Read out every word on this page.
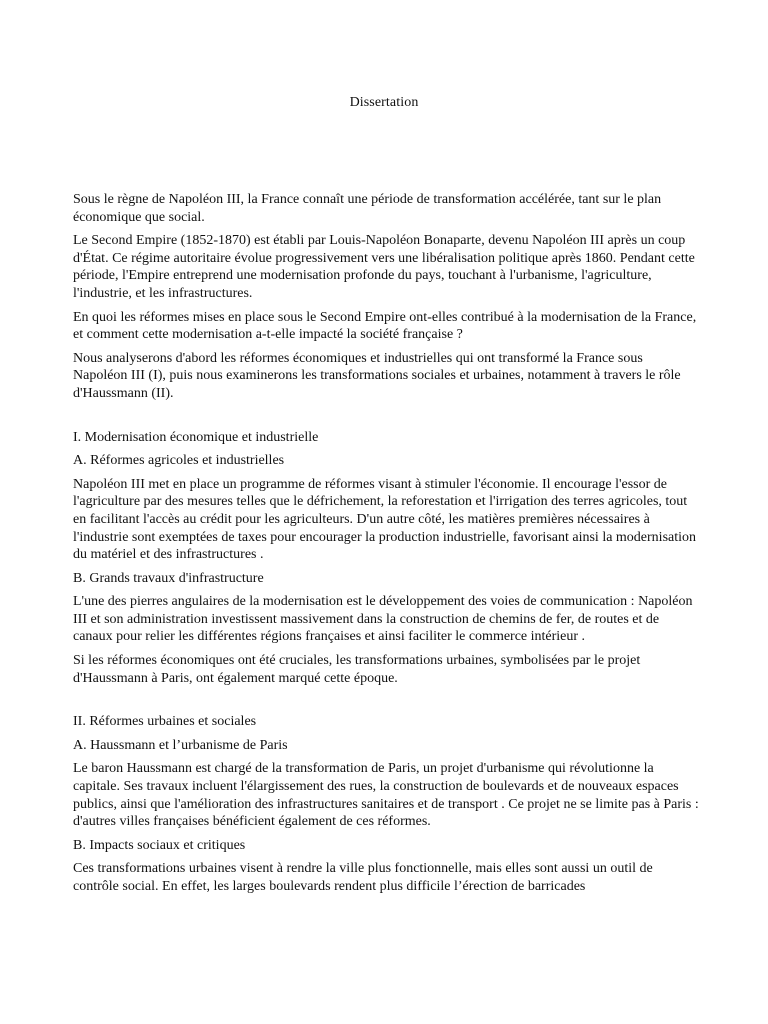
Dissertation

Sous le règne de Napoléon III, la France connaît une période de transformation accélérée, tant sur le plan économique que social.

Le Second Empire (1852-1870) est établi par Louis-Napoléon Bonaparte, devenu Napoléon III après un coup d'État. Ce régime autoritaire évolue progressivement vers une libéralisation politique après 1860. Pendant cette période, l'Empire entreprend une modernisation profonde du pays, touchant à l'urbanisme, l'agriculture, l'industrie, et les infrastructures.

En quoi les réformes mises en place sous le Second Empire ont-elles contribué à la modernisation de la France, et comment cette modernisation a-t-elle impacté la société française ?

Nous analyserons d'abord les réformes économiques et industrielles qui ont transformé la France sous Napoléon III (I), puis nous examinerons les transformations sociales et urbaines, notamment à travers le rôle d'Haussmann (II).

I. Modernisation économique et industrielle

A. Réformes agricoles et industrielles

Napoléon III met en place un programme de réformes visant à stimuler l'économie. Il encourage l'essor de l'agriculture par des mesures telles que le défrichement, la reforestation et l'irrigation des terres agricoles, tout en facilitant l'accès au crédit pour les agriculteurs. D'un autre côté, les matières premières nécessaires à l'industrie sont exemptées de taxes pour encourager la production industrielle, favorisant ainsi la modernisation du matériel et des infrastructures .

B. Grands travaux d'infrastructure

L'une des pierres angulaires de la modernisation est le développement des voies de communication : Napoléon III et son administration investissent massivement dans la construction de chemins de fer, de routes et de canaux pour relier les différentes régions françaises et ainsi faciliter le commerce intérieur .

Si les réformes économiques ont été cruciales, les transformations urbaines, symbolisées par le projet d'Haussmann à Paris, ont également marqué cette époque.

II. Réformes urbaines et sociales

A. Haussmann et l’urbanisme de Paris

Le baron Haussmann est chargé de la transformation de Paris, un projet d'urbanisme qui révolutionne la capitale. Ses travaux incluent l'élargissement des rues, la construction de boulevards et de nouveaux espaces publics, ainsi que l'amélioration des infrastructures sanitaires et de transport . Ce projet ne se limite pas à Paris : d'autres villes françaises bénéficient également de ces réformes.

B. Impacts sociaux et critiques

Ces transformations urbaines visent à rendre la ville plus fonctionnelle, mais elles sont aussi un outil de contrôle social. En effet, les larges boulevards rendent plus difficile l’érection de barricades
